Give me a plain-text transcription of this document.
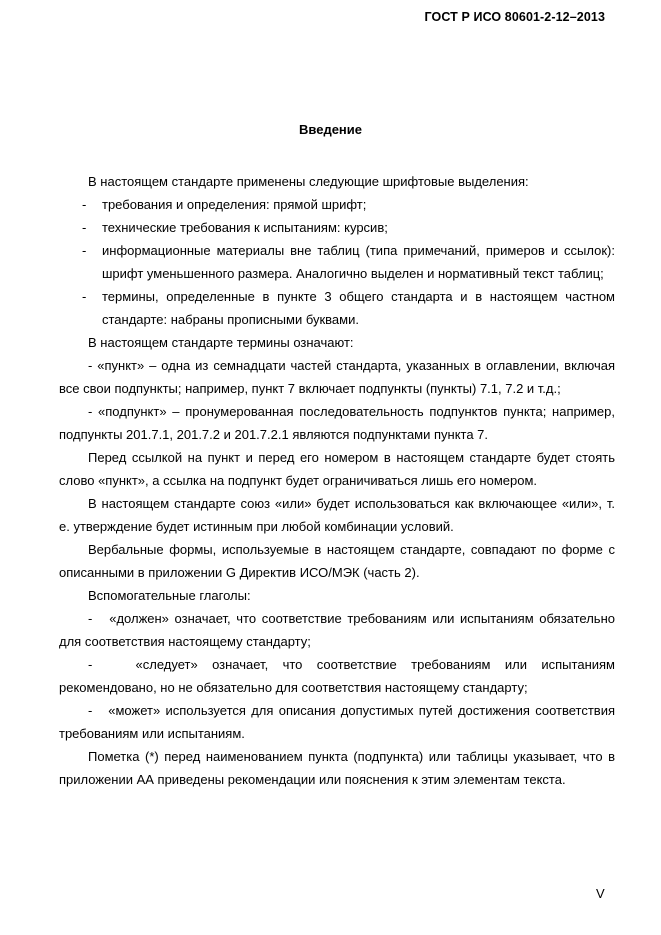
ГОСТ Р ИСО 80601-2-12–2013
Введение

В настоящем стандарте применены следующие шрифтовые выделения:

- требования и определения: прямой шрифт;

- технические требования к испытаниям: курсив;

- информационные материалы вне таблиц (типа примечаний, примеров и ссылок): шрифт уменьшенного размера. Аналогично выделен и нормативный текст таблиц;

- термины, определенные в пункте 3 общего стандарта и в настоящем частном стандарте: набраны прописными буквами.

В настоящем стандарте термины означают:

- «пункт» – одна из семнадцати частей стандарта, указанных в оглавлении, включая все свои подпункты; например, пункт 7 включает подпункты (пункты) 7.1, 7.2 и т.д.;

- «подпункт» – пронумерованная последовательность подпунктов пункта; например, подпункты 201.7.1, 201.7.2 и 201.7.2.1 являются подпунктами пункта 7.

Перед ссылкой на пункт и перед его номером в настоящем стандарте будет стоять слово «пункт», а ссылка на подпункт будет ограничиваться лишь его номером.

В настоящем стандарте союз «или» будет использоваться как включающее «или», т. е. утверждение будет истинным при любой комбинации условий.

Вербальные формы, используемые в настоящем стандарте, совпадают по форме с описанными в приложении G Директив ИСО/МЭК (часть 2).

Вспомогательные глаголы:

- «должен» означает, что соответствие требованиям или испытаниям обязательно для соответствия настоящему стандарту;

-	«следует» означает, что соответствие требованиям или испытаниям рекомендовано, но не обязательно для соответствия настоящему стандарту;

- «может» используется для описания допустимых путей достижения соответствия требованиям или испытаниям.

Пометка (*) перед наименованием пункта (подпункта) или таблицы указывает, что в приложении АА приведены рекомендации или пояснения к этим элементам текста.

V
